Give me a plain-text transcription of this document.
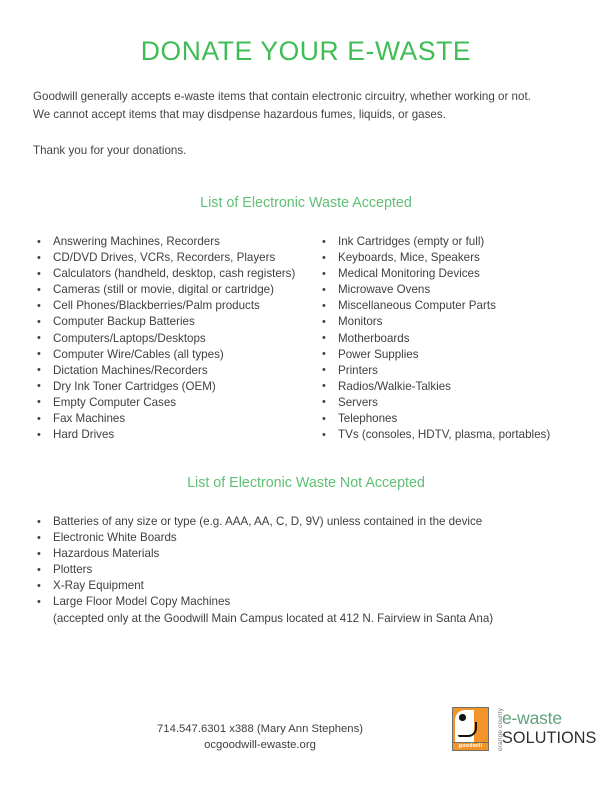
DONATE YOUR E-WASTE

Goodwill generally accepts e-waste items that contain electronic circuitry, whether working or not. We cannot accept items that may disdpense hazardous fumes, liquids, or gases.

Thank you for your donations.

List of Electronic Waste Accepted
• Answering Machines, Recorders
• CD/DVD Drives, VCRs, Recorders, Players
• Calculators (handheld, desktop, cash registers)
• Cameras (still or movie, digital or cartridge)
• Cell Phones/Blackberries/Palm products
• Computer Backup Batteries
• Computers/Laptops/Desktops
• Computer Wire/Cables (all types)
• Dictation Machines/Recorders
• Dry Ink Toner Cartridges (OEM)
• Empty Computer Cases
• Fax Machines
• Hard Drives
• Ink Cartridges (empty or full)
• Keyboards, Mice, Speakers
• Medical Monitoring Devices
• Microwave Ovens
• Miscellaneous Computer Parts
• Monitors
• Motherboards
• Power Supplies
• Printers
• Radios/Walkie-Talkies
• Servers
• Telephones
• TVs (consoles, HDTV, plasma, portables)
List of Electronic Waste Not Accepted
• Batteries of any size or type (e.g. AAA, AA, C, D, 9V) unless contained in the device
• Electronic White Boards
• Hazardous Materials
• Plotters
• X-Ray Equipment
• Large Floor Model Copy Machines
(accepted only at the Goodwill Main Campus located at 412 N. Fairview in Santa Ana)
714.547.6301 x388 (Mary Ann Stephens)
ocgoodwill-ewaste.org	goodwill	orange county
e-waste
SOLUTIONS
